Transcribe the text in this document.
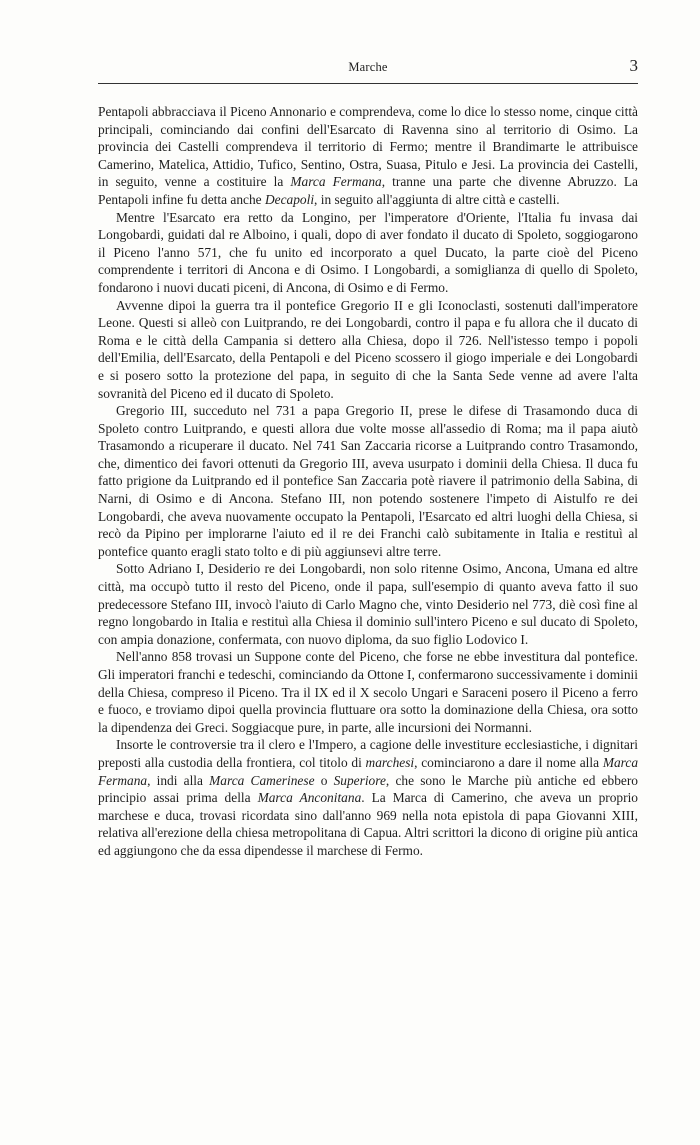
Marche	3

Pentapoli abbracciava il Piceno Annonario e comprendeva, come lo dice lo stesso nome, cinque città principali, cominciando dai confini dell'Esarcato di Ravenna sino al territorio di Osimo. La provincia dei Castelli comprendeva il territorio di Fermo; mentre il Brandimarte le attribuisce Camerino, Matelica, Attidio, Tufico, Sentino, Ostra, Suasa, Pitulo e Jesi. La provincia dei Castelli, in seguito, venne a costituire la Marca Fermana, tranne una parte che divenne Abruzzo. La Pentapoli infine fu detta anche Decapoli, in seguito all'aggiunta di altre città e castelli.

Mentre l'Esarcato era retto da Longino, per l'imperatore d'Oriente, l'Italia fu invasa dai Longobardi, guidati dal re Alboino, i quali, dopo di aver fondato il ducato di Spoleto, soggiogarono il Piceno l'anno 571, che fu unito ed incorporato a quel Ducato, la parte cioè del Piceno comprendente i territori di Ancona e di Osimo. I Longobardi, a somiglianza di quello di Spoleto, fondarono i nuovi ducati piceni, di Ancona, di Osimo e di Fermo.

Avvenne dipoi la guerra tra il pontefice Gregorio II e gli Iconoclasti, sostenuti dall'imperatore Leone. Questi si alleò con Luitprando, re dei Longobardi, contro il papa e fu allora che il ducato di Roma e le città della Campania si dettero alla Chiesa, dopo il 726. Nell'istesso tempo i popoli dell'Emilia, dell'Esarcato, della Pentapoli e del Piceno scossero il giogo imperiale e dei Longobardi e si posero sotto la protezione del papa, in seguito di che la Santa Sede venne ad avere l'alta sovranità del Piceno ed il ducato di Spoleto.

Gregorio III, succeduto nel 731 a papa Gregorio II, prese le difese di Trasamondo duca di Spoleto contro Luitprando, e questi allora due volte mosse all'assedio di Roma; ma il papa aiutò Trasamondo a ricuperare il ducato. Nel 741 San Zaccaria ricorse a Luitprando contro Trasamondo, che, dimentico dei favori ottenuti da Gregorio III, aveva usurpato i dominii della Chiesa. Il duca fu fatto prigione da Luitprando ed il pontefice San Zaccaria potè riavere il patrimonio della Sabina, di Narni, di Osimo e di Ancona. Stefano III, non potendo sostenere l'impeto di Aistulfo re dei Longobardi, che aveva nuovamente occupato la Pentapoli, l'Esarcato ed altri luoghi della Chiesa, si recò da Pipino per implorarne l'aiuto ed il re dei Franchi calò subitamente in Italia e restituì al pontefice quanto eragli stato tolto e di più aggiunsevi altre terre.

Sotto Adriano I, Desiderio re dei Longobardi, non solo ritenne Osimo, Ancona, Umana ed altre città, ma occupò tutto il resto del Piceno, onde il papa, sull'esempio di quanto aveva fatto il suo predecessore Stefano III, invocò l'aiuto di Carlo Magno che, vinto Desiderio nel 773, diè così fine al regno longobardo in Italia e restituì alla Chiesa il dominio sull'intero Piceno e sul ducato di Spoleto, con ampia donazione, confermata, con nuovo diploma, da suo figlio Lodovico I.

Nell'anno 858 trovasi un Suppone conte del Piceno, che forse ne ebbe investitura dal pontefice. Gli imperatori franchi e tedeschi, cominciando da Ottone I, confermarono successivamente i dominii della Chiesa, compreso il Piceno. Tra il IX ed il X secolo Ungari e Saraceni posero il Piceno a ferro e fuoco, e troviamo dipoi quella provincia fluttuare ora sotto la dominazione della Chiesa, ora sotto la dipendenza dei Greci. Soggiacque pure, in parte, alle incursioni dei Normanni.

Insorte le controversie tra il clero e l'Impero, a cagione delle investiture ecclesiastiche, i dignitari preposti alla custodia della frontiera, col titolo di marchesi, cominciarono a dare il nome alla Marca Fermana, indi alla Marca Camerinese o Superiore, che sono le Marche più antiche ed ebbero principio assai prima della Marca Anconitana. La Marca di Camerino, che aveva un proprio marchese e duca, trovasi ricordata sino dall'anno 969 nella nota epistola di papa Giovanni XIII, relativa all'erezione della chiesa metropolitana di Capua. Altri scrittori la dicono di origine più antica ed aggiungono che da essa dipendesse il marchese di Fermo.
